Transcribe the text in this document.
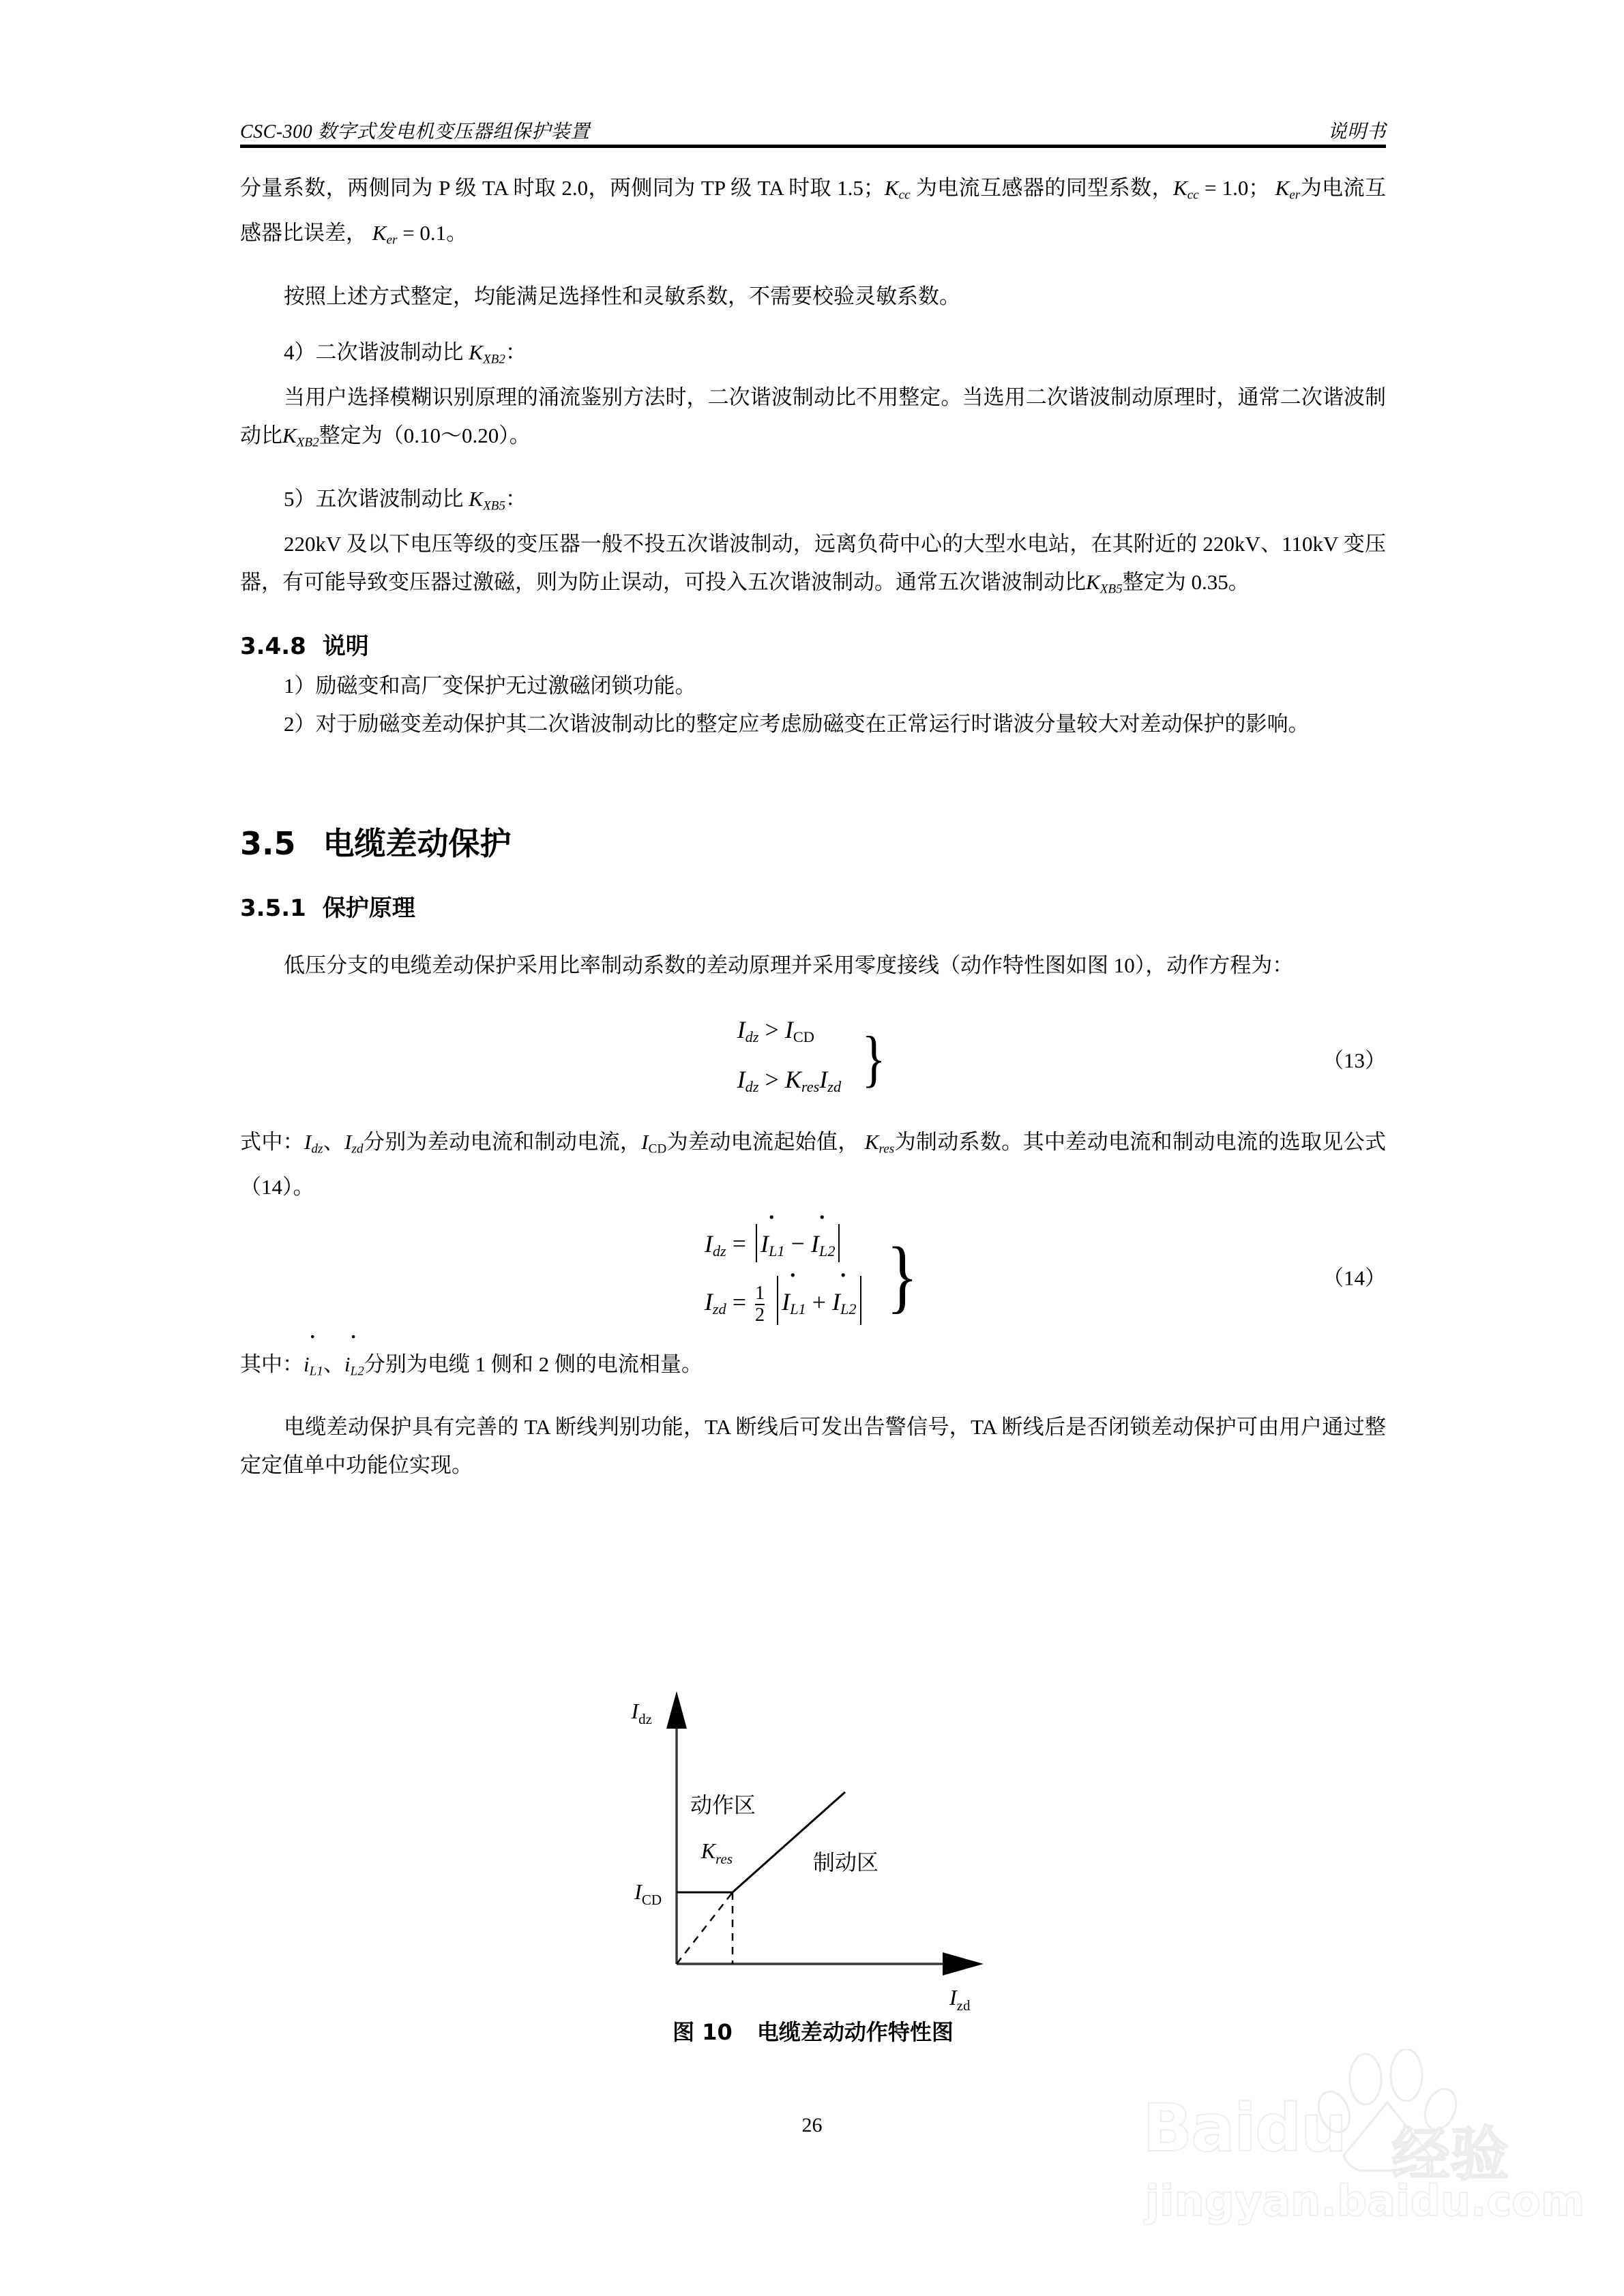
CSC-300 数字式发电机变压器组保护装置	说明书

分量系数，两侧同为 P 级 TA 时取 2.0，两侧同为 TP 级 TA 时取 1.5；$K_{cc}$ 为电流互感器的同型系数，$K_{cc} = 1.0$； $K_{er}$为电流互感器比误差， $K_{er} = 0.1$。

按照上述方式整定，均能满足选择性和灵敏系数，不需要校验灵敏系数。

4）二次谐波制动比 $K_{XB2}$：

当用户选择模糊识别原理的涌流鉴别方法时，二次谐波制动比不用整定。当选用二次谐波制动原理时，通常二次谐波制动比$K_{XB2}$整定为（0.10～0.20）。

5）五次谐波制动比 $K_{XB5}$：

220kV 及以下电压等级的变压器一般不投五次谐波制动，远离负荷中心的大型水电站，在其附近的 220kV、110kV 变压器，有可能导致变压器过激磁，则为防止误动，可投入五次谐波制动。通常五次谐波制动比$K_{XB5}$整定为 0.35。

3.4.8 说明

1）励磁变和高厂变保护无过激磁闭锁功能。

2）对于励磁变差动保护其二次谐波制动比的整定应考虑励磁变在正常运行时谐波分量较大对差动保护的影响。

3.5 电缆差动保护
3.5.1 保护原理

低压分支的电缆差动保护采用比率制动系数的差动原理并采用零度接线（动作特性图如图 10），动作方程为：

$I_{dz} > I_{CD}$
$I_{dz} > K_{res}I_{zd}$ }	（13）

式中：$I_{dz}$、$I_{zd}$分别为差动电流和制动电流，$I_{CD}$为差动电流起始值， $K_{res}$为制动系数。其中差动电流和制动电流的选取见公式（14）。

$I_{dz}$ = · $I_{L1}$ − · $I_{L2}$
$I_{zd} = \frac{1}{2} \cdot I_{L1}$ + · $I_{L2}$ }	（14）

其中：· $i_{L1}$、· $i_{L2}$分别为电缆 1 侧和 2 侧的电流相量。

电缆差动保护具有完善的 TA 断线判别功能，TA 断线后可发出告警信号，TA 断线后是否闭锁差动保护可由用户通过整定定值单中功能位实现。

$I_{dz}$
$I_{zd}$
$I_{CD}$
$K_{res}$
动作区
制动区
图 10 电缆差动动作特性图
26	Baidu 经验
jingyan.baidu.com
